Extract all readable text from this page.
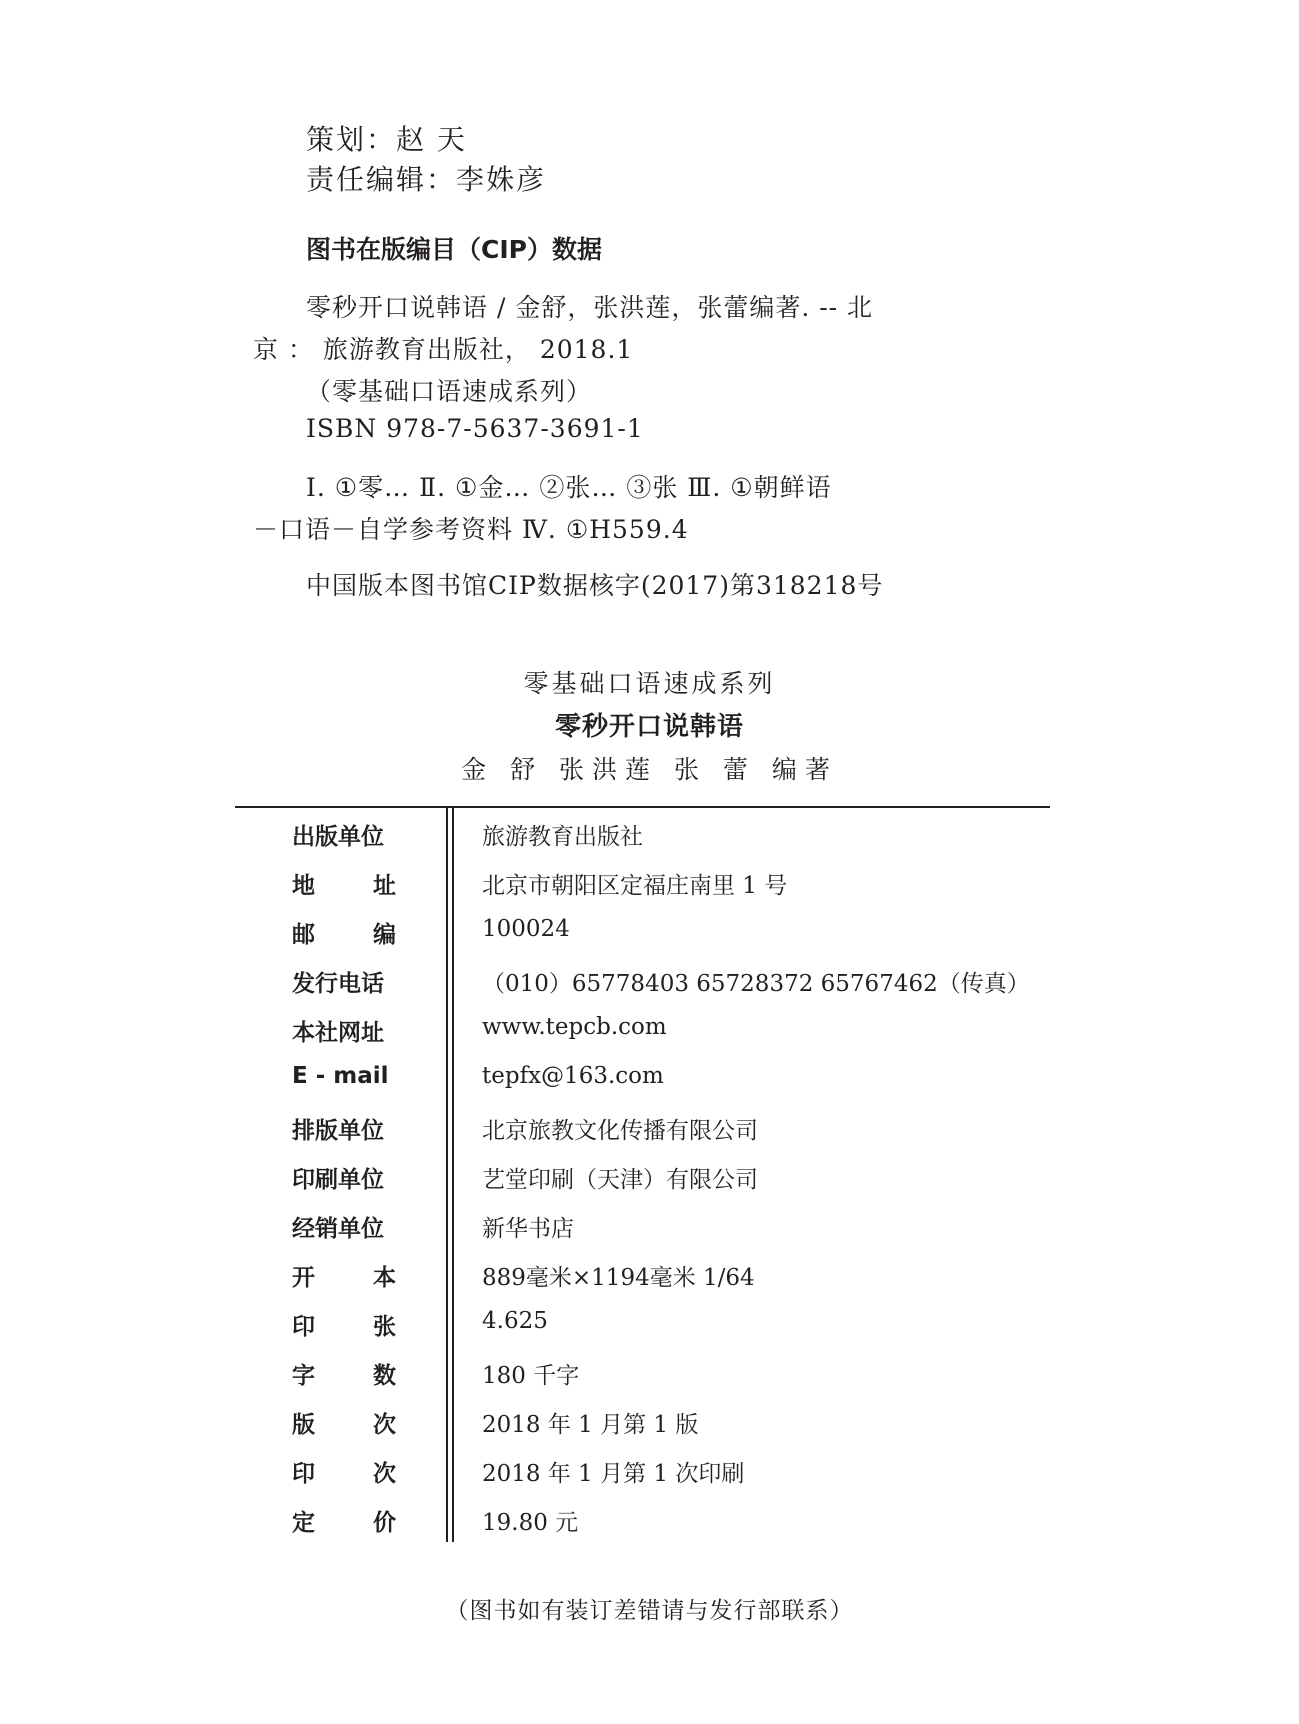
策划：赵 天
责任编辑：李姝彦
图书在版编目（CIP）数据
零秒开口说韩语 / 金舒，张洪莲，张蕾编著. -- 北
京 ： 旅游教育出版社， 2018.1
（零基础口语速成系列）
ISBN 978-7-5637-3691-1
Ⅰ. ①零… Ⅱ. ①金… ②张… ③张 Ⅲ. ①朝鲜语
－口语－自学参考资料 Ⅳ. ①H559.4
中国版本图书馆CIP数据核字(2017)第318218号
零基础口语速成系列
零秒开口说韩语
金 舒 张洪莲 张 蕾 编著
出版单位	旅游教育出版社
地	址	北京市朝阳区定福庄南里 1 号
邮	编	100024
发行电话	（010）65778403 65728372 65767462（传真）
本社网址	www.tepcb.com
E - mail	tepfx@163.com
排版单位	北京旅教文化传播有限公司
印刷单位	艺堂印刷（天津）有限公司
经销单位	新华书店
开	本	889毫米×1194毫米 1/64
印	张	4.625
字	数	180 千字
版	次	2018 年 1 月第 1 版
印	次	2018 年 1 月第 1 次印刷
定	价	19.80 元
（图书如有装订差错请与发行部联系）
